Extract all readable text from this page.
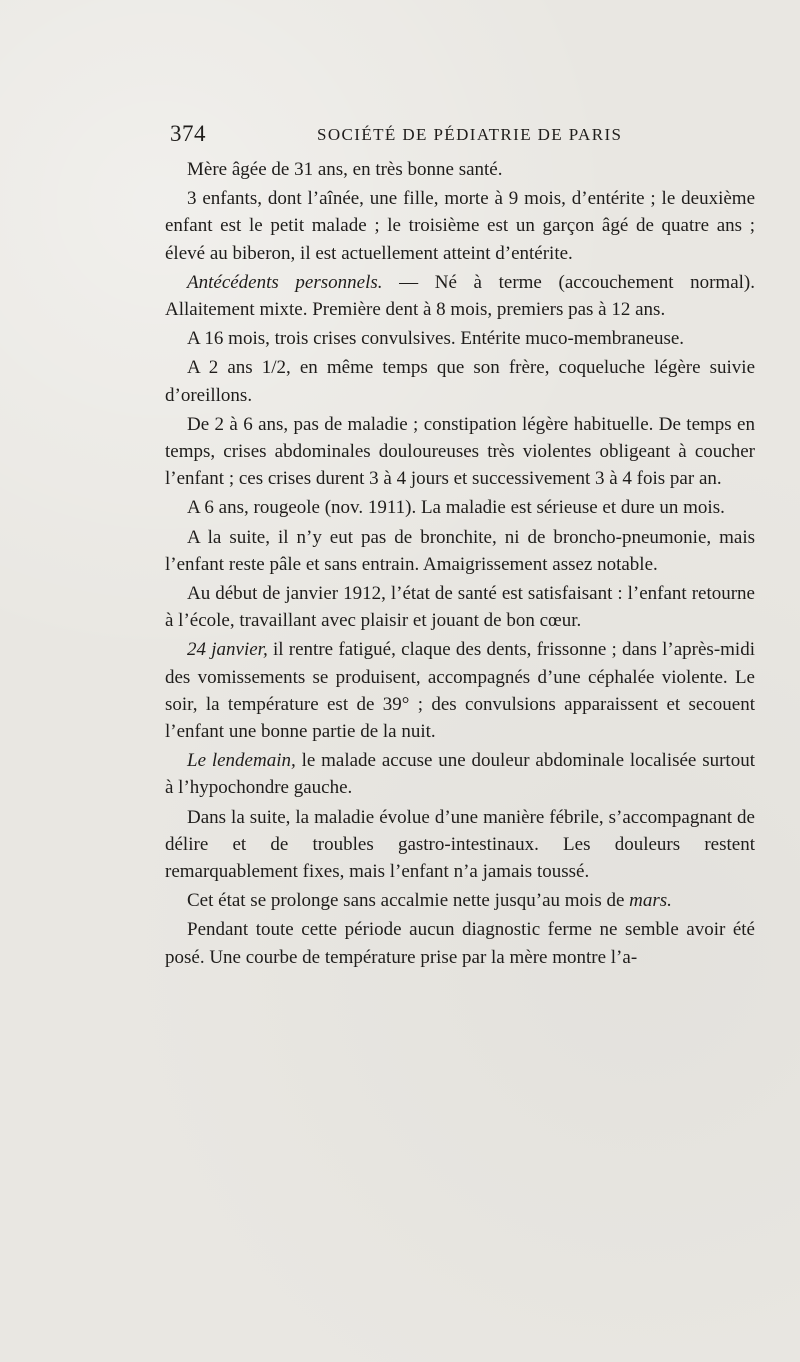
374	SOCIÉTÉ DE PÉDIATRIE DE PARIS

Mère âgée de 31 ans, en très bonne santé.

3 enfants, dont l’aînée, une fille, morte à 9 mois, d’entérite ; le deuxième enfant est le petit malade ; le troisième est un garçon âgé de quatre ans ; élevé au biberon, il est actuellement atteint d’entérite.

Antécédents personnels. — Né à terme (accouchement normal). Allaitement mixte. Première dent à 8 mois, premiers pas à 12 ans.

A 16 mois, trois crises convulsives. Entérite muco-membraneuse.

A 2 ans 1/2, en même temps que son frère, coqueluche légère suivie d’oreillons.

De 2 à 6 ans, pas de maladie ; constipation légère habituelle. De temps en temps, crises abdominales douloureuses très violentes obligeant à coucher l’enfant ; ces crises durent 3 à 4 jours et successivement 3 à 4 fois par an.

A 6 ans, rougeole (nov. 1911). La maladie est sérieuse et dure un mois.

A la suite, il n’y eut pas de bronchite, ni de broncho-pneumonie, mais l’enfant reste pâle et sans entrain. Amaigrissement assez notable.

Au début de janvier 1912, l’état de santé est satisfaisant : l’enfant retourne à l’école, travaillant avec plaisir et jouant de bon cœur.

24 janvier, il rentre fatigué, claque des dents, frissonne ; dans l’après-midi des vomissements se produisent, accompagnés d’une céphalée violente. Le soir, la température est de 39° ; des convulsions apparaissent et secouent l’enfant une bonne partie de la nuit.

Le lendemain, le malade accuse une douleur abdominale localisée surtout à l’hypochondre gauche.

Dans la suite, la maladie évolue d’une manière fébrile, s’accompagnant de délire et de troubles gastro-intestinaux. Les douleurs restent remarquablement fixes, mais l’enfant n’a jamais toussé.

Cet état se prolonge sans accalmie nette jusqu’au mois de mars.

Pendant toute cette période aucun diagnostic ferme ne semble avoir été posé. Une courbe de température prise par la mère montre l’a-
